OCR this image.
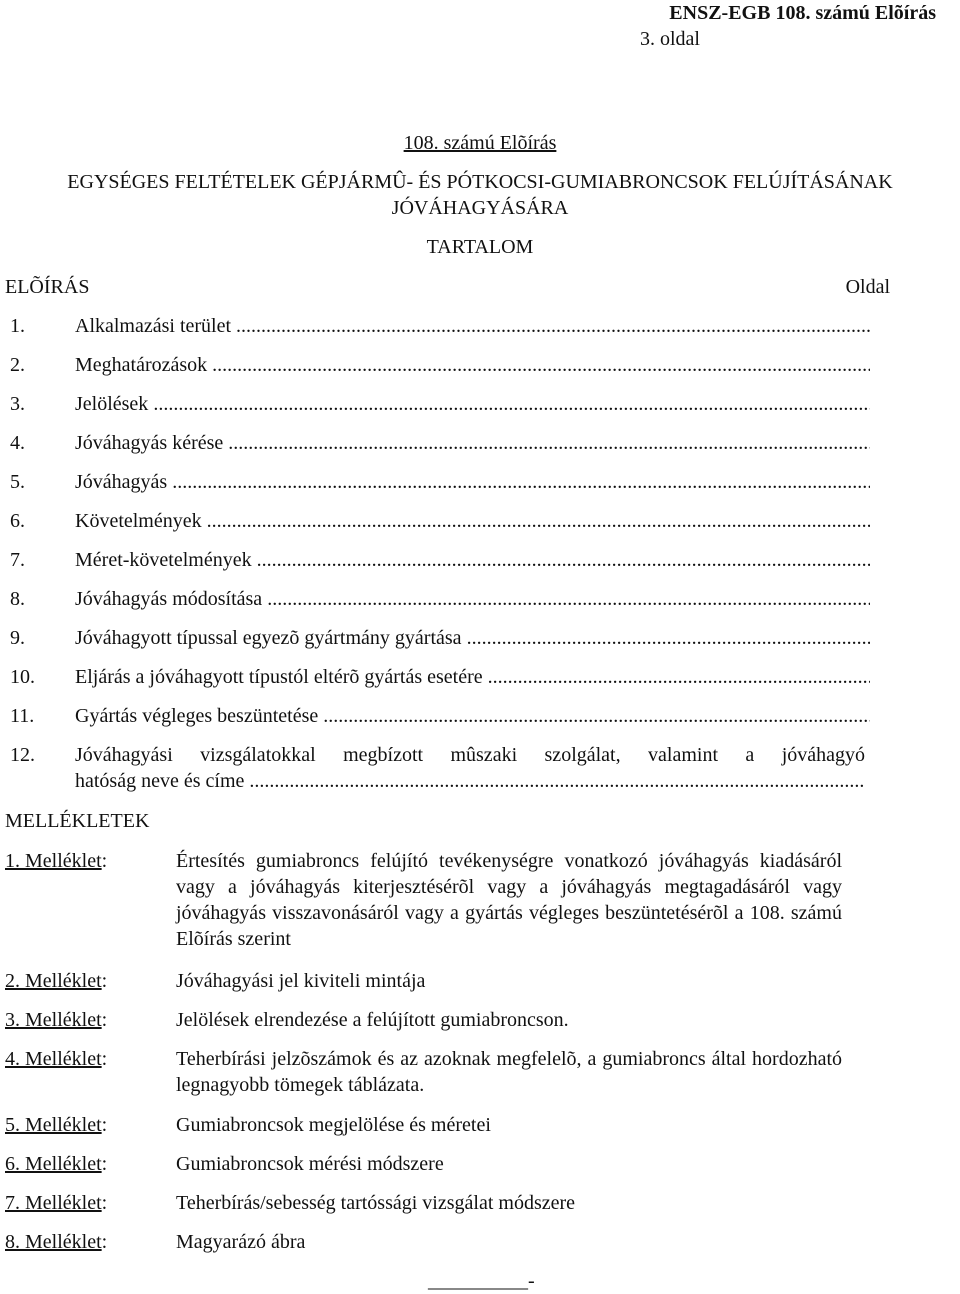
ENSZ-EGB 108. számú Elõírás
3. oldal
108. számú Elõírás
EGYSÉGES FELTÉTELEK GÉPJÁRMÛ- ÉS PÓTKOCSI-GUMIABRONCSOK FELÚJÍTÁSÁNAK
JÓVÁHAGYÁSÁRA
TARTALOM
ELÕÍRÁS	Oldal
1.	Alkalmazási terület .....
2.	Meghatározások .....
3.	Jelölések .....
4.	Jóváhagyás kérése .....
5.	Jóváhagyás .....
6.	Követelmények .....
7.	Méret-követelmények .....
8.	Jóváhagyás módosítása .....
9.	Jóváhagyott típussal egyezõ gyártmány gyártása .....
10.	Eljárás a jóváhagyott típustól eltérõ gyártás esetére .....
11.	Gyártás végleges beszüntetése .....
12.	Jóváhagyási vizsgálatokkal megbízott mûszaki szolgálat, valamint a jóváhagyó
hatóság neve és címe .....
MELLÉKLETEK
1. Melléklet:	Értesítés gumiabroncs felújító tevékenységre vonatkozó jóváhagyás kiadásáról vagy a jóváhagyás kiterjesztésérõl vagy a jóváhagyás megtagadásáról vagy jóváhagyás visszavonásáról vagy a gyártás végleges beszüntetésérõl a 108. számú Elõírás szerint
2. Melléklet:	Jóváhagyási jel kiviteli mintája
3. Melléklet:	Jelölések elrendezése a felújított gumiabroncson.
4. Melléklet:	Teherbírási jelzõszámok és az azoknak megfelelõ, a gumiabroncs által hordozható legnagyobb tömegek táblázata.
5. Melléklet:	Gumiabroncsok megjelölése és méretei
6. Melléklet:	Gumiabroncsok mérési módszere
7. Melléklet:	Teherbírás/sebesség tartóssági vizsgálat módszere
8. Melléklet:	Magyarázó ábra
__________-
